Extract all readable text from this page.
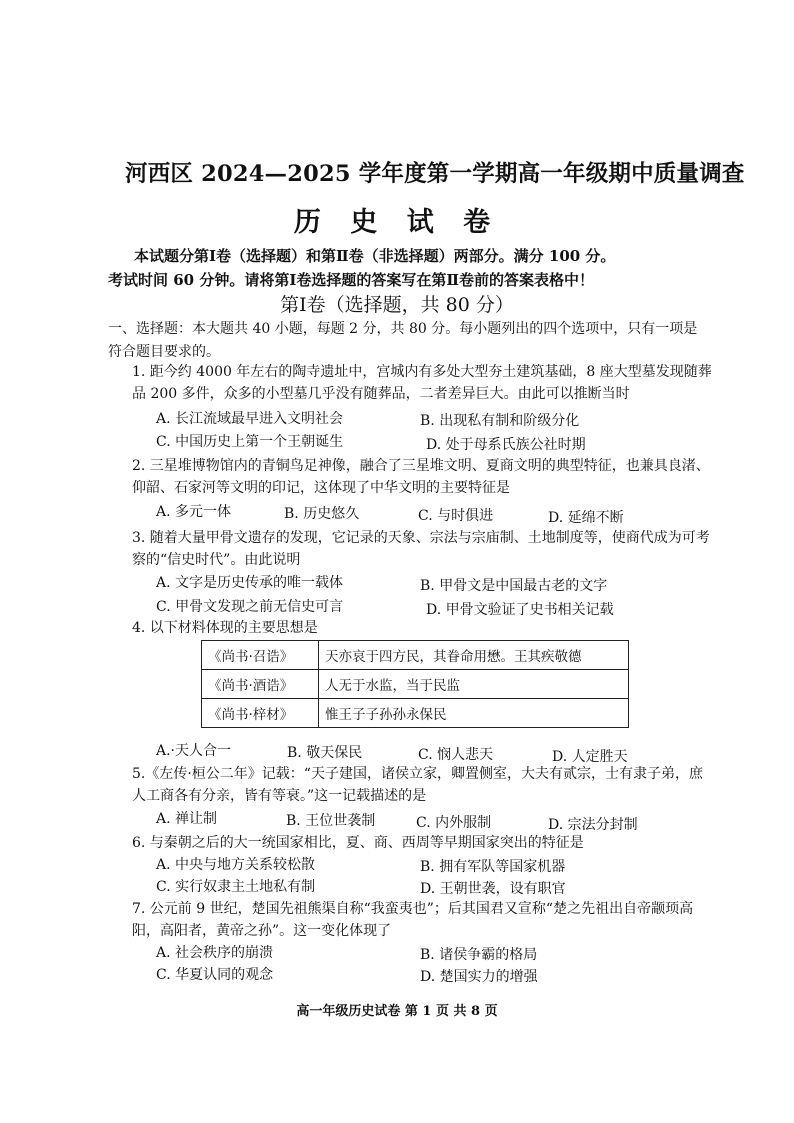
河西区 2024—2025 学年度第一学期高一年级期中质量调查
历 史 试 卷
本试题分第Ⅰ卷（选择题）和第Ⅱ卷（非选择题）两部分。满分 100 分。
考试时间 60 分钟。请将第Ⅰ卷选择题的答案写在第Ⅱ卷前的答案表格中！
第Ⅰ卷（选择题，共 80 分）
一、选择题：本大题共 40 小题，每题 2 分，共 80 分。每小题列出的四个选项中，只有一项是符合题目要求的。
1. 距今约 4000 年左右的陶寺遗址中，宫城内有多处大型夯土建筑基础，8 座大型墓发现随葬品 200 多件，众多的小型墓几乎没有随葬品，二者差异巨大。由此可以推断当时
A. 长江流域最早进入文明社会	B. 出现私有制和阶级分化
C. 中国历史上第一个王朝诞生	D. 处于母系氏族公社时期
2. 三星堆博物馆内的青铜鸟足神像，融合了三星堆文明、夏商文明的典型特征，也兼具良渚、仰韶、石家河等文明的印记，这体现了中华文明的主要特征是
A. 多元一体	B. 历史悠久	C. 与时俱进	D. 延绵不断
3. 随着大量甲骨文遗存的发现，它记录的天象、宗法与宗庙制、土地制度等，使商代成为可考察的“信史时代”。由此说明
A. 文字是历史传承的唯一载体	B. 甲骨文是中国最古老的文字
C. 甲骨文发现之前无信史可言	D. 甲骨文验证了史书相关记载
4. 以下材料体现的主要思想是
《尚书·召诰》	天亦哀于四方民，其眷命用懋。王其疾敬德
《尚书·酒诰》	人无于水监，当于民监
《尚书·梓材》	惟王子子孙孙永保民
A.·天人合一	B. 敬天保民	C. 悯人悲天	D. 人定胜天
5.《左传·桓公二年》记载：“天子建国，诸侯立家，卿置侧室，大夫有贰宗，士有隶子弟，庶人工商各有分亲，皆有等衰。”这一记载描述的是
A. 禅让制	B. 王位世袭制	C. 内外服制	D. 宗法分封制
6. 与秦朝之后的大一统国家相比，夏、商、西周等早期国家突出的特征是
A. 中央与地方关系较松散	B. 拥有军队等国家机器
C. 实行奴隶主土地私有制	D. 王朝世袭，设有职官
7. 公元前 9 世纪，楚国先祖熊渠自称“我蛮夷也”；后其国君又宣称“楚之先祖出自帝颛顼高阳，高阳者，黄帝之孙”。这一变化体现了
A. 社会秩序的崩溃	B. 诸侯争霸的格局
C. 华夏认同的观念	D. 楚国实力的增强
高一年级历史试卷 第 1 页 共 8 页
